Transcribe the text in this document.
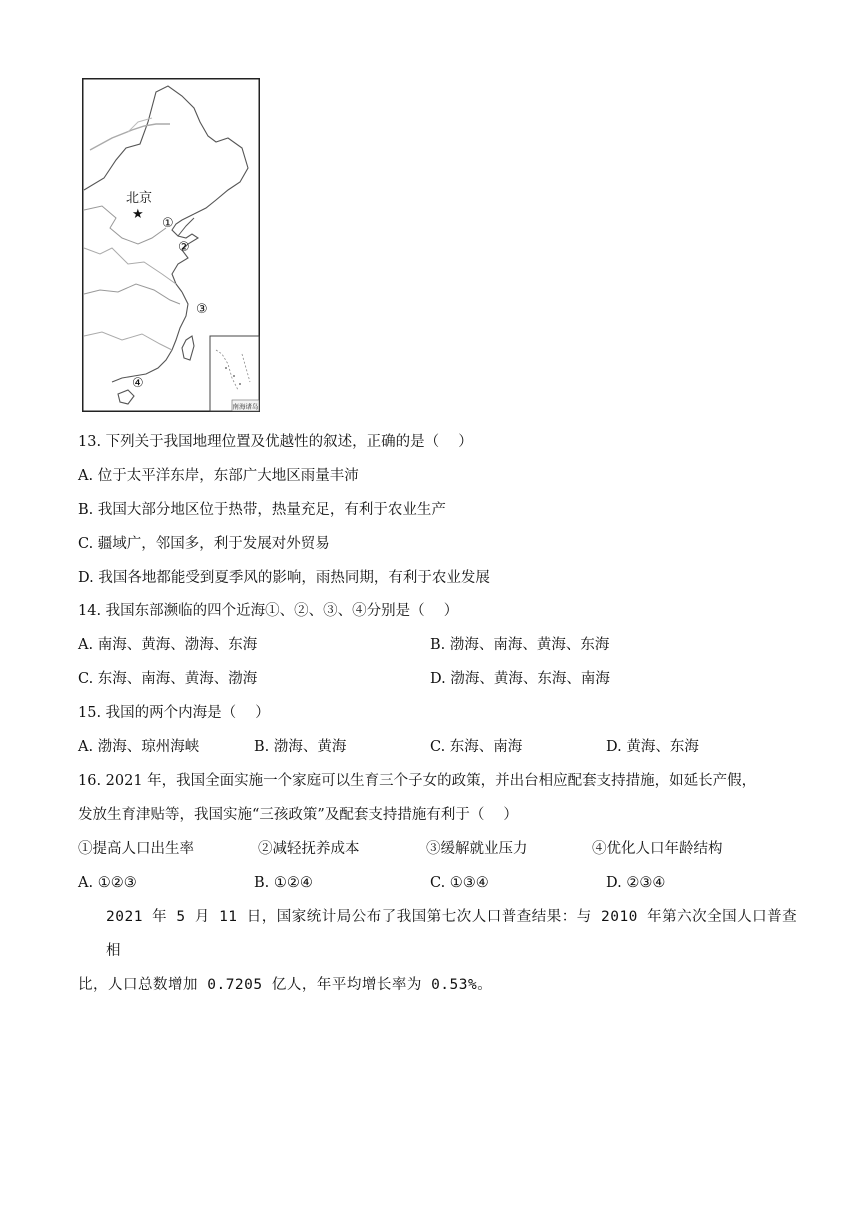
南海诸岛
北京
★
①
②
③
④
13. 下列关于我国地理位置及优越性的叙述，正确的是（　 ）
A. 位于太平洋东岸，东部广大地区雨量丰沛
B. 我国大部分地区位于热带，热量充足，有利于农业生产
C. 疆域广，邻国多，利于发展对外贸易
D. 我国各地都能受到夏季风的影响，雨热同期，有利于农业发展
14. 我国东部濒临的四个近海①、②、③、④分别是（　 ）
A. 南海、黄海、渤海、东海	B. 渤海、南海、黄海、东海
C. 东海、南海、黄海、渤海	D. 渤海、黄海、东海、南海
15. 我国的两个内海是（　 ）
A. 渤海、琼州海峡	B. 渤海、黄海	C. 东海、南海	D. 黄海、东海
16. 2021 年，我国全面实施一个家庭可以生育三个子女的政策，并出台相应配套支持措施，如延长产假，
发放生育津贴等，我国实施“三孩政策”及配套支持措施有利于（　 ）
①提高人口出生率	②减轻抚养成本	③缓解就业压力	④优化人口年龄结构
A. ①②③	B. ①②④	C. ①③④	D. ②③④

2021 年 5 月 11 日，国家统计局公布了我国第七次人口普查结果：与 2010 年第六次全国人口普查相

比，人口总数增加 0.7205 亿人，年平均增长率为 0.53%。
